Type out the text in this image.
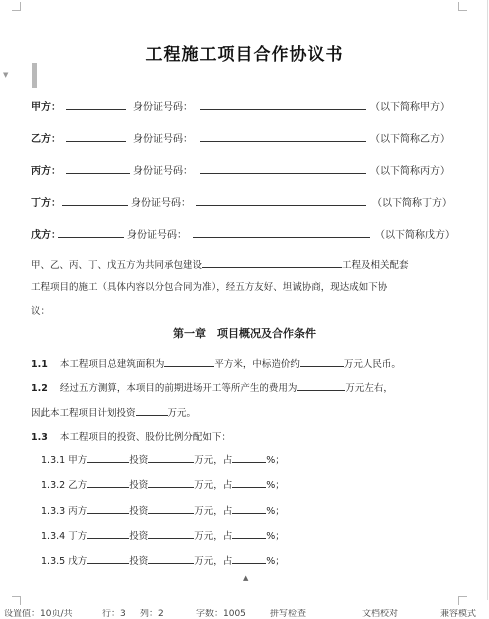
▼
工程施工项目合作协议书
甲方：	身份证号码：	（以下简称甲方）
乙方：	身份证号码：	（以下简称乙方）
丙方：	身份证号码：	（以下简称丙方）
丁方：	身份证号码：	（以下简称丁方）
戊方：	身份证号码：	（以下简称戊方）
甲、乙、丙、丁、戊五方为共同承包建设	工程及相关配套
工程项目的施工（具体内容以分包合同为准），经五方友好、坦诚协商，现达成如下协
议：
第一章　项目概况及合作条件
1.1 本工程项目总建筑面积为	平方米，中标造价约	万元人民币。
1.2 经过五方测算，本项目的前期进场开工等所产生的费用为	万元左右，
因此本工程项目计划投资	万元。
1.3 本工程项目的投资、股份比例分配如下：
1.3.1 甲方	投资	万元，占	%；
1.3.2 乙方	投资	万元，占	%；
1.3.3 丙方	投资	万元，占	%；
1.3.4 丁方	投资	万元，占	%；
1.3.5 戊方	投资	万元，占	%；
▲
设置值：10页/共	行：3 列：2	字数：1005	拼写检查	文档校对	兼容模式
